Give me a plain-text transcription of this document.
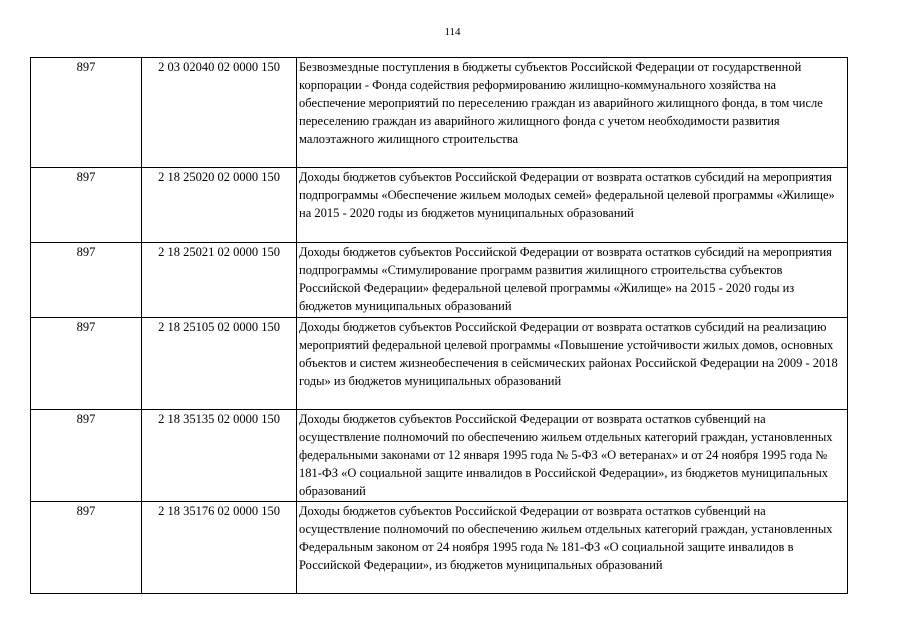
114
897	2 03 02040 02 0000 150	Безвозмездные поступления в бюджеты субъектов Российской Федерации от государственной корпорации - Фонда содействия реформированию жилищно-коммунального хозяйства на обеспечение мероприятий по переселению граждан из аварийного жилищного фонда, в том числе переселению граждан из аварийного жилищного фонда с учетом необходимости развития малоэтажного жилищного строительства
897	2 18 25020 02 0000 150	Доходы бюджетов субъектов Российской Федерации от возврата остатков субсидий на мероприятия подпрограммы «Обеспечение жильем молодых семей» федеральной целевой программы «Жилище» на 2015 - 2020 годы из бюджетов муниципальных образований
897	2 18 25021 02 0000 150	Доходы бюджетов субъектов Российской Федерации от возврата остатков субсидий на мероприятия подпрограммы «Стимулирование программ развития жилищного строительства субъектов Российской Федерации» федеральной целевой программы «Жилище» на 2015 - 2020 годы из бюджетов муниципальных образований
897	2 18 25105 02 0000 150	Доходы бюджетов субъектов Российской Федерации от возврата остатков субсидий на реализацию мероприятий федеральной целевой программы «Повышение устойчивости жилых домов, основных объектов и систем жизнеобеспечения в сейсмических районах Российской Федерации на 2009 - 2018 годы» из бюджетов муниципальных образований
897	2 18 35135 02 0000 150	Доходы бюджетов субъектов Российской Федерации от возврата остатков субвенций на осуществление полномочий по обеспечению жильем отдельных категорий граждан, установленных федеральными законами от 12 января 1995 года № 5-ФЗ «О ветеранах» и от 24 ноября 1995 года № 181-ФЗ «О социальной защите инвалидов в Российской Федерации», из бюджетов муниципальных образований
897	2 18 35176 02 0000 150	Доходы бюджетов субъектов Российской Федерации от возврата остатков субвенций на осуществление полномочий по обеспечению жильем отдельных категорий граждан, установленных Федеральным законом от 24 ноября 1995 года № 181-ФЗ «О социальной защите инвалидов в Российской Федерации», из бюджетов муниципальных образований
